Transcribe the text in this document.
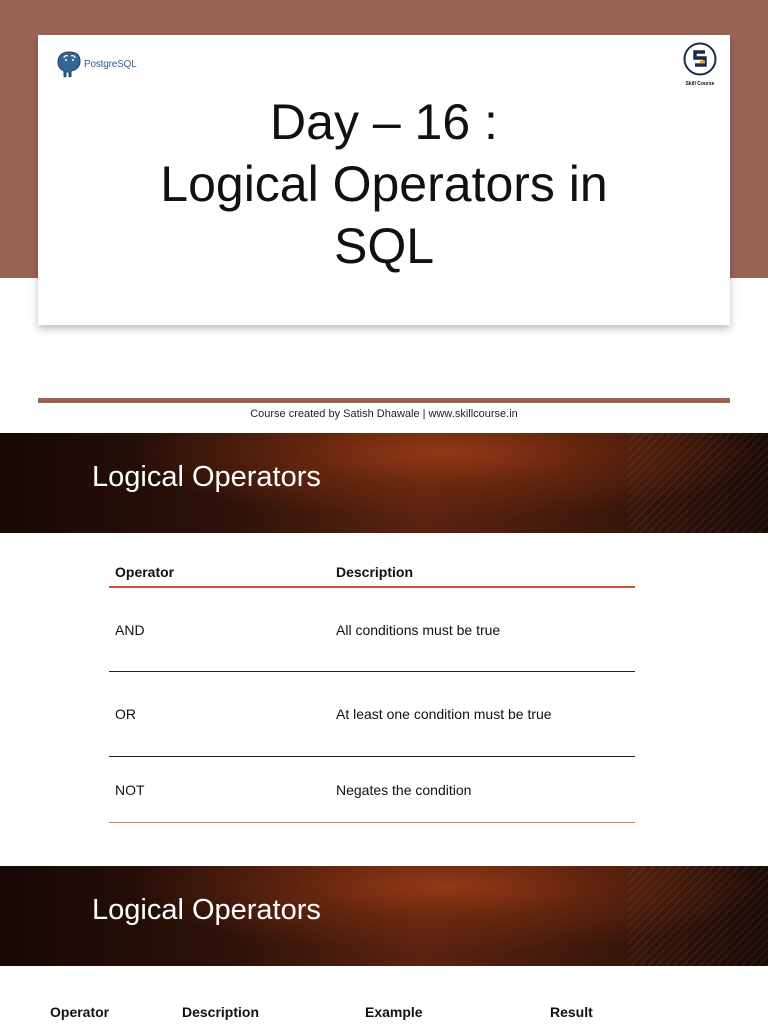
PostgreSQL
Skill Course
Day – 16 :
Logical Operators in
SQL
Course created by Satish Dhawale | www.skillcourse.in
Logical Operators
Operator	Description
AND	All conditions must be true
OR	At least one condition must be true
NOT	Negates the condition
Logical Operators
Operator	Description	Example	Result
